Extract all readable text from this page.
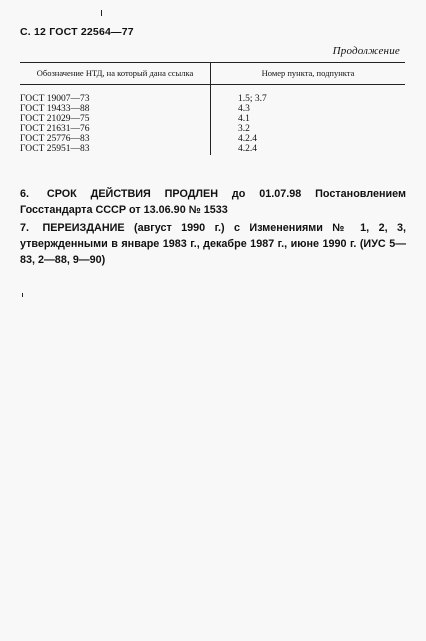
С. 12 ГОСТ 22564—77
Продолжение
Обозначение НТД, на который дана ссылка	Номер пункта, подпункта

ГОСТ 19007—73	1.5; 3.7
ГОСТ 19433—88	4.3
ГОСТ 21029—75	4.1
ГОСТ 21631—76	3.2
ГОСТ 25776—83	4.2.4
ГОСТ 25951—83	4.2.4
6. СРОК ДЕЙСТВИЯ ПРОДЛЕН до 01.07.98 Постановлением Госстандарта СССР от 13.06.90 № 1533
7. ПЕРЕИЗДАНИЕ (август 1990 г.) с Изменениями № 1, 2, 3, утвержденными в январе 1983 г., декабре 1987 г., июне 1990 г. (ИУС 5—83, 2—88, 9—90)
